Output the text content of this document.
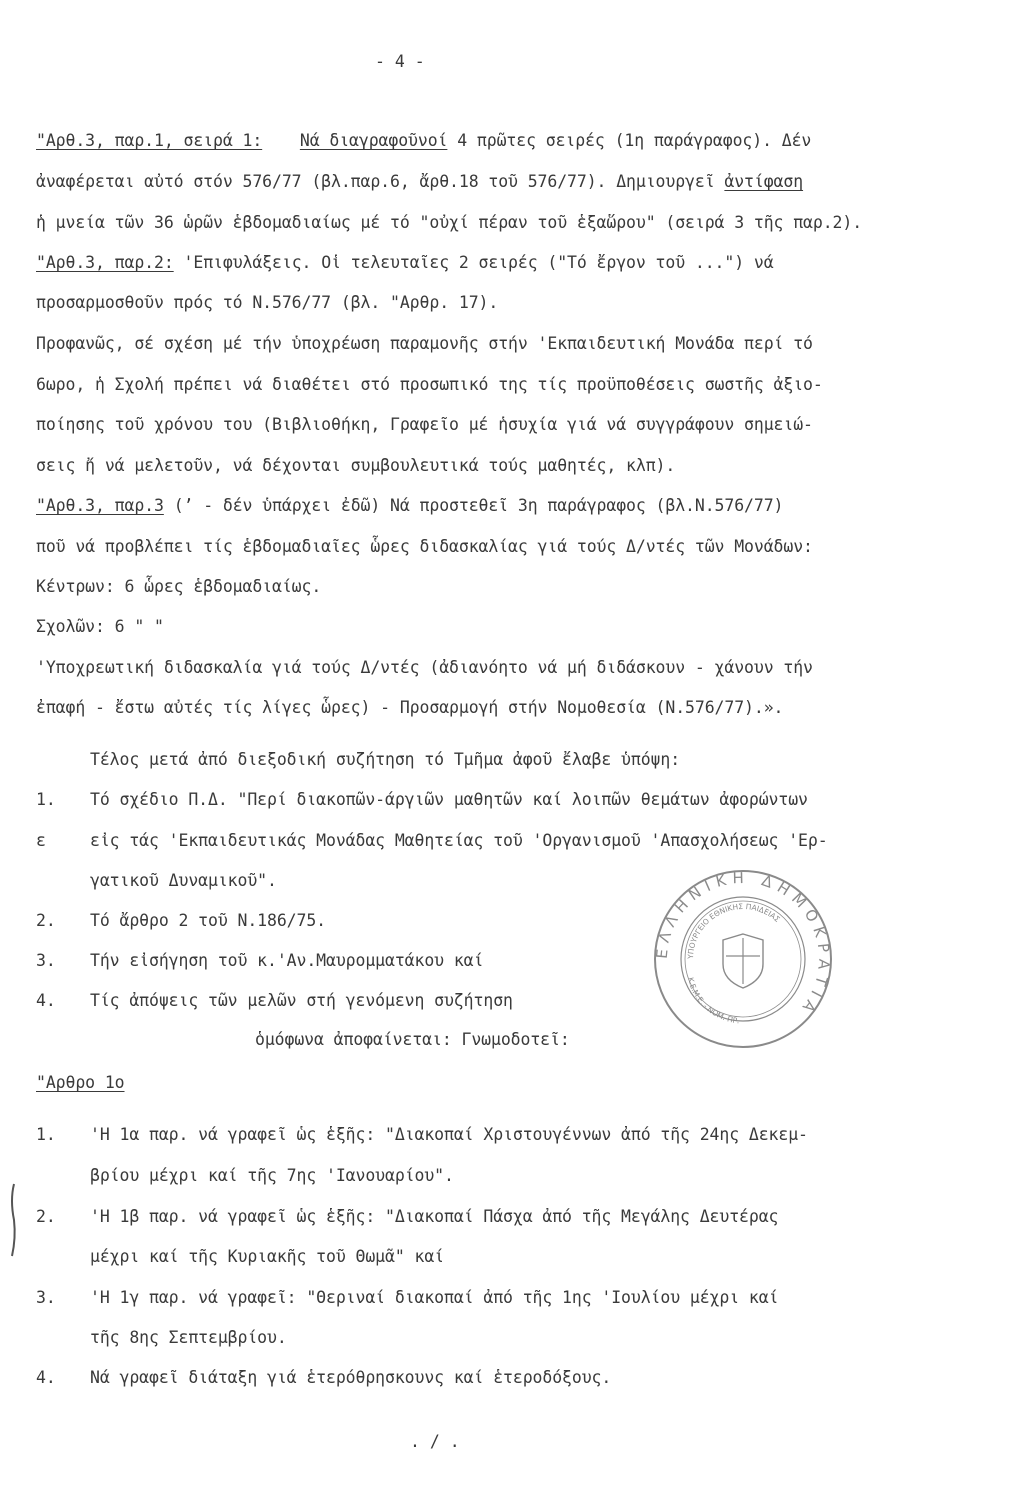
- 4 -
"Αρθ.3, παρ.1, σειρά 1: Νά διαγραφοῦνοί 4 πρῶτες σειρές (1η παράγραφος). Δέν
ἀναφέρεται αὐτό στόν 576/77 (βλ.παρ.6, ἄρθ.18 τοῦ 576/77). Δημιουργεῖ ἀντίφαση
ἡ μνεία τῶν 36 ὡρῶν ἑβδομαδιαίως μέ τό "οὐχί πέραν τοῦ ἑξαὥρου" (σειρά 3 τῆς παρ.2).
"Αρθ.3, παρ.2: 'Επιφυλάξεις. Οἱ τελευταῖες 2 σειρές ("Τό ἔργον τοῦ ...") νά
προσαρμοσθοῦν πρός τό Ν.576/77 (βλ. "Αρθρ. 17).
Προφανῶς, σέ σχέση μέ τήν ὑποχρέωση παραμονῆς στήν 'Εκπαιδευτική Μονάδα περί τό
6ωρο, ἡ Σχολή πρέπει νά διαθέτει στό προσωπικό της τίς προϋποθέσεις σωστῆς ἀξιο-
ποίησης τοῦ χρόνου του (Βιβλιοθήκη, Γραφεῖο μέ ἡσυχία γιά νά συγγράφουν σημειώ-
σεις ἤ νά μελετοῦν, νά δέχονται συμβουλευτικά τούς μαθητές, κλπ).
"Αρθ.3, παρ.3 (ʼ - δέν ὑπάρχει ἐδῶ) Νά προστεθεῖ 3η παράγραφος (βλ.Ν.576/77)
ποῦ νά προβλέπει τίς ἑβδομαδιαῖες ὧρες διδασκαλίας γιά τούς Δ/ντές τῶν Μονάδων:
Κέντρων: 6 ὧρες ἑβδομαδιαίως.
Σχολῶν: 6 " "
'Υποχρεωτική διδασκαλία γιά τούς Δ/ντές (ἀδιανόητο νά μή διδάσκουν - χάνουν τήν
ἐπαφή - ἔστω αὐτές τίς λίγες ὧρες) - Προσαρμογή στήν Νομοθεσία (Ν.576/77).».
Τέλος μετά ἀπό διεξοδική συζήτηση τό Τμῆμα ἀφοῦ ἔλαβε ὑπόψη:
1. Τό σχέδιο Π.Δ. "Περί διακοπῶν-άργιῶν μαθητῶν καί λοιπῶν θεμάτων ἀφορώντων
ε	εἰς τάς 'Εκπαιδευτικάς Μονάδας Μαθητείας τοῦ 'Οργανισμοῦ 'Απασχολήσεως 'Ερ-
γατικοῦ Δυναμικοῦ".
2. Τό ἄρθρο 2 τοῦ Ν.186/75.
3. Τήν εἰσήγηση τοῦ κ.'Αν.Μαυρομματάκου καί
4. Τίς ἀπόψεις τῶν μελῶν στή γενόμενη συζήτηση
ὁμόφωνα ἀποφαίνεται: Γνωμοδοτεῖ:
"Αρθρο 1ο
1. 'Η 1α παρ. νά γραφεῖ ὡς ἑξῆς: "Διακοπαί Χριστουγέννων ἀπό τῆς 24ης Δεκεμ-
βρίου μέχρι καί τῆς 7ης 'Ιανουαρίου".
2. 'Η 1β παρ. νά γραφεῖ ὡς ἑξῆς: "Διακοπαί Πάσχα ἀπό τῆς Μεγάλης Δευτέρας
μέχρι καί τῆς Κυριακῆς τοῦ Θωμᾶ" καί
3. 'Η 1γ παρ. νά γραφεῖ: "Θεριναί διακοπαί ἀπό τῆς 1ης 'Ιουλίου μέχρι καί
τῆς 8ης Σεπτεμβρίου.
4. Νά γραφεῖ διάταξη γιά ἑτερόθρησκουνς καί ἑτεροδόξους.
. / .
ΕΛΛΗΝΙΚΗ ΔΗΜΟΚΡΑΤΙΑ
ΥΠΟΥΡΓΕΙΟ ΕΘΝΙΚΗΣ ΠΑΙΔΕΙΑΣ
Κ.Ε.Μ.Ε. - ΝΟΜ. ΠΡ.
